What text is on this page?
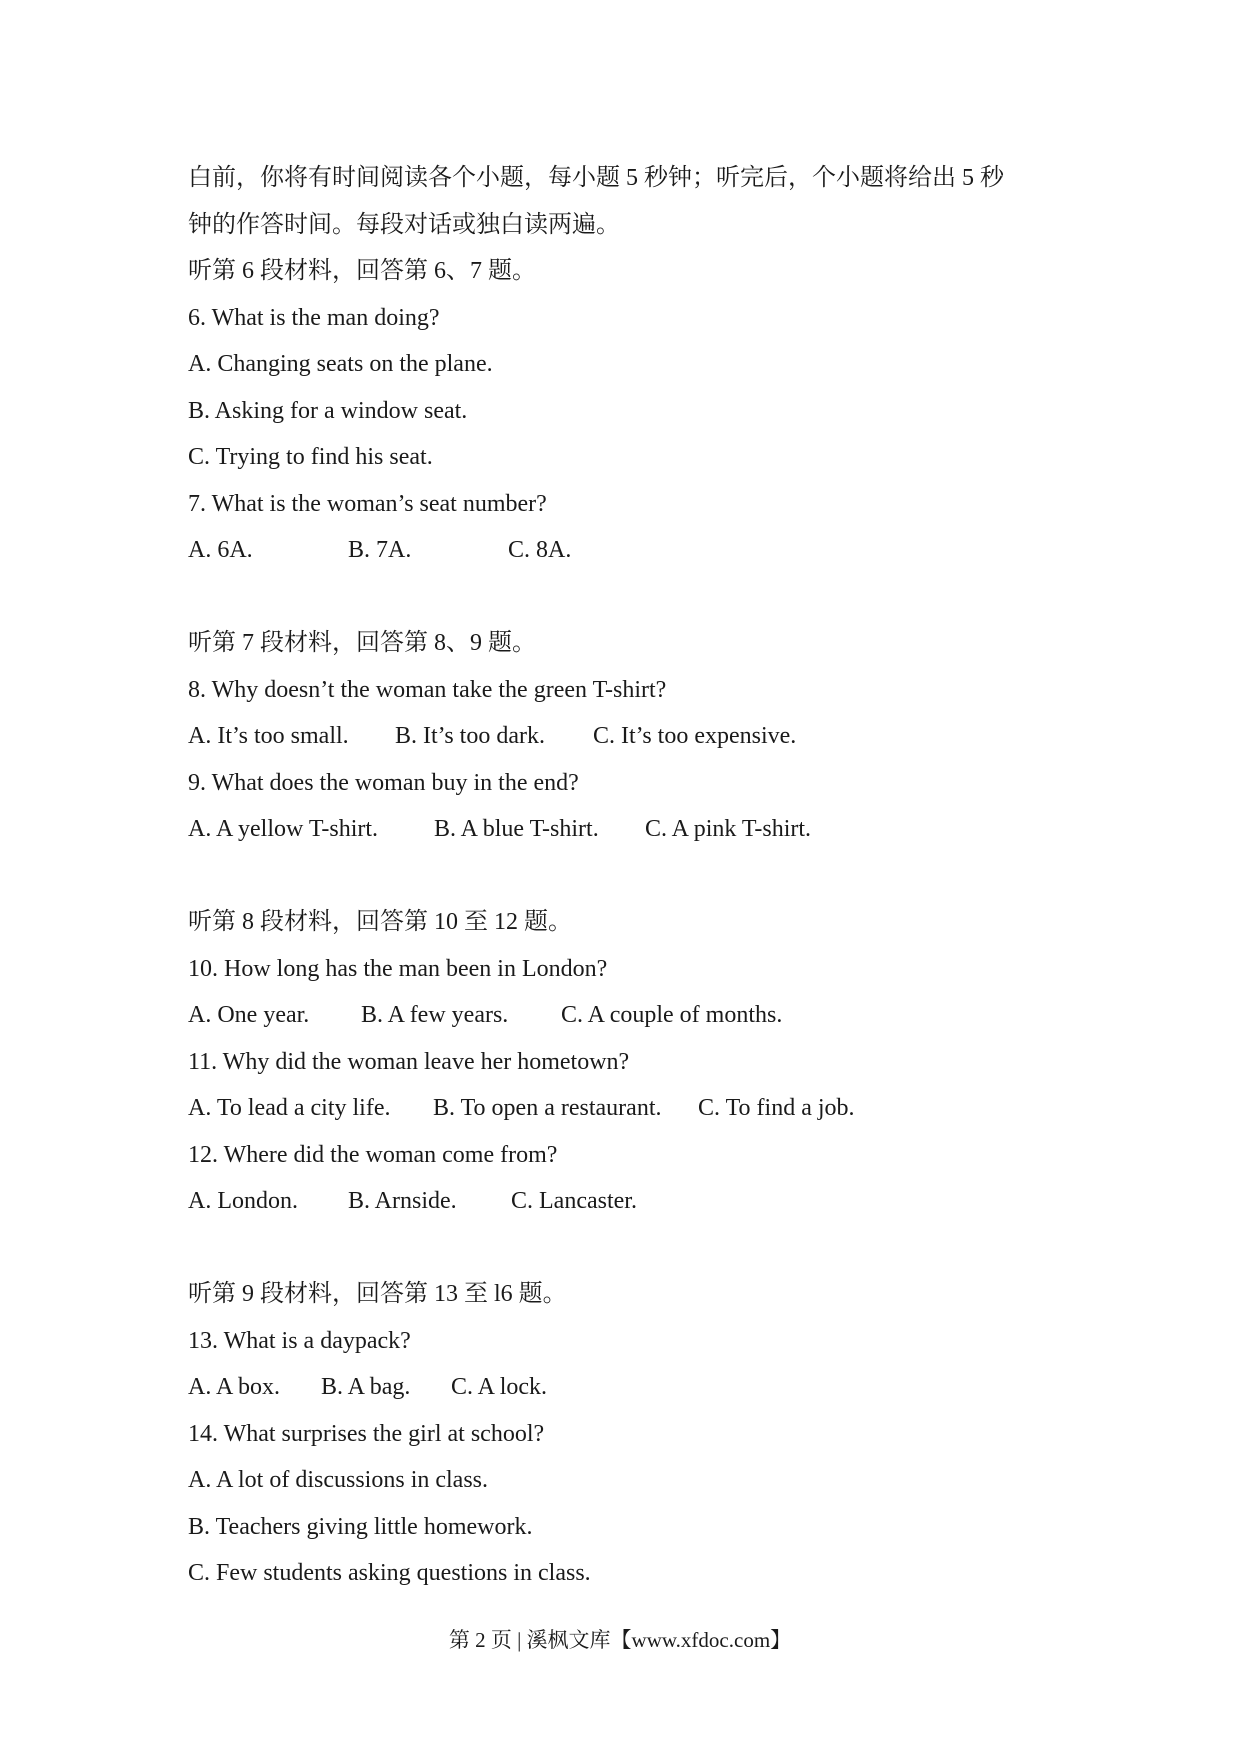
白前，你将有时间阅读各个小题，每小题 5 秒钟；听完后，个小题将给出 5 秒
钟的作答时间。每段对话或独白读两遍。
听第 6 段材料，回答第 6、7 题。
6. What is the man doing?
A. Changing seats on the plane.
B. Asking for a window seat.
C. Trying to find his seat.
7. What is the woman’s seat number?
A. 6A.	B. 7A.	C. 8A.
听第 7 段材料，回答第 8、9 题。
8. Why doesn’t the woman take the green T-shirt?
A. It’s too small. B. It’s too dark. C. It’s too expensive.
9. What does the woman buy in the end?
A. A yellow T-shirt. B. A blue T-shirt. C. A pink T-shirt.
听第 8 段材料，回答第 10 至 12 题。
10. How long has the man been in London?
A. One year. B. A few years. C. A couple of months.
11. Why did the woman leave her hometown?
A. To lead a city life. B. To open a restaurant. C. To find a job.
12. Where did the woman come from?
A. London. B. Arnside. C. Lancaster.
听第 9 段材料，回答第 13 至 l6 题。
13. What is a daypack?
A. A box. B. A bag. C. A lock.
14. What surprises the girl at school?
A. A lot of discussions in class.
B. Teachers giving little homework.
C. Few students asking questions in class.
第 2 页 | 溪枫文库【www.xfdoc.com】
